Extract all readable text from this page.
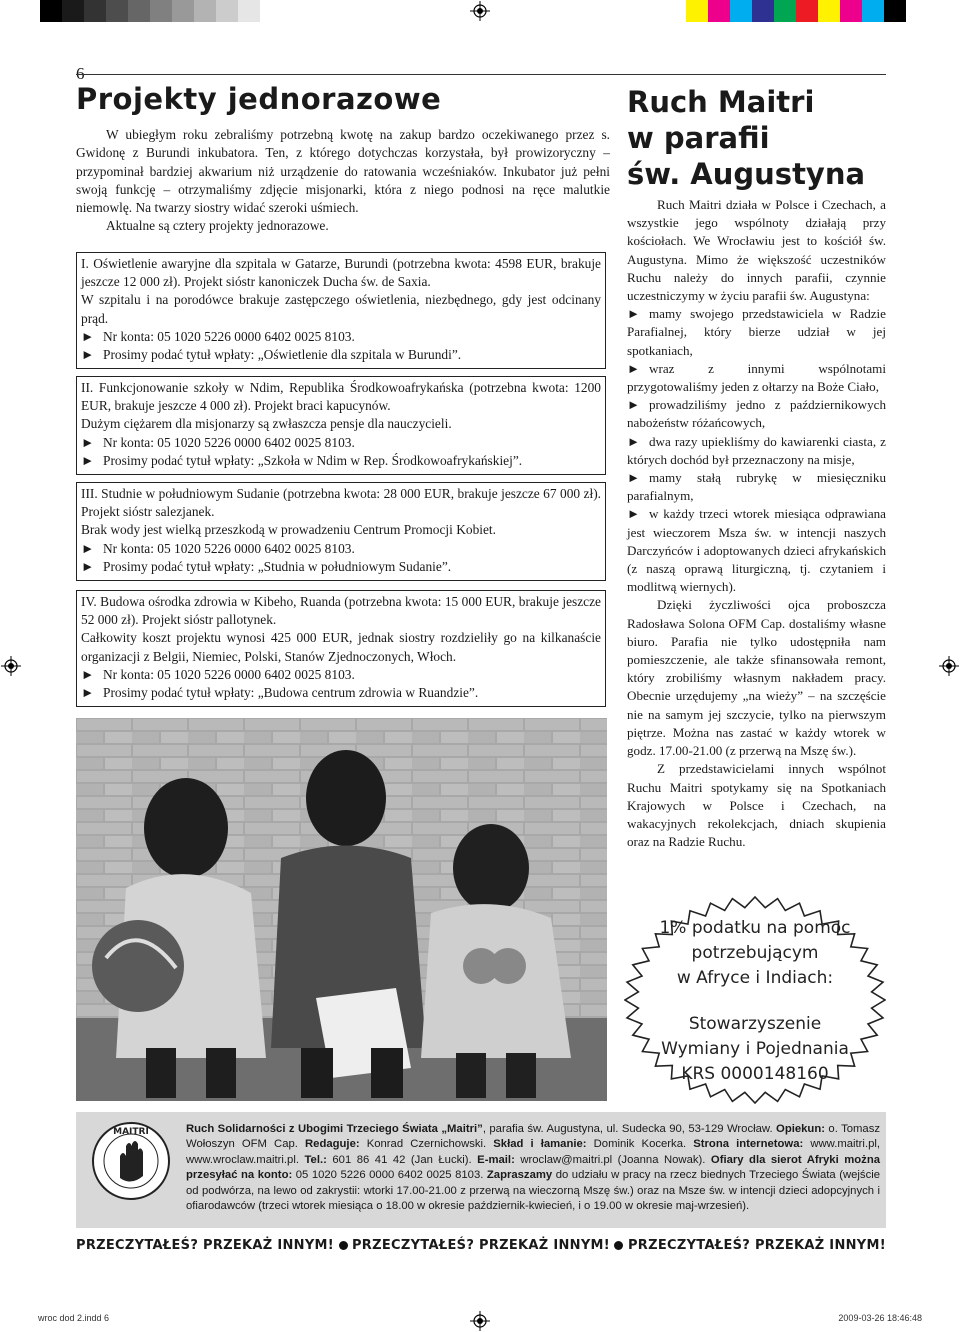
Projekty jednorazowe

W ubiegłym roku zebraliśmy potrzebną kwotę na zakup bardzo oczekiwanego przez s. Gwidonę z Burundi inkubatora. Ten, z którego dotychczas korzystała, był prowizoryczny – przypominał bardziej akwarium niż urządzenie do ratowania wcześniaków. Inkubator już pełni swoją funkcję – otrzymaliśmy zdjęcie misjonarki, która z niego podnosi na ręce malutkie niemowlę. Na twarzy siostry widać szeroki uśmiech.

Aktualne są cztery projekty jednorazowe.

I. Oświetlenie awaryjne dla szpitala w Gatarze, Burundi (potrzebna kwota: 4598 EUR, brakuje jeszcze 12 000 zł). Projekt sióstr kanoniczek Ducha św. de Saxia.

W szpitalu i na porodówce brakuje zastępczego oświetlenia, niezbędnego, gdy jest odcinany prąd.

► Nr konta: 05 1020 5226 0000 6402 0025 8103.

► Prosimy podać tytuł wpłaty: „Oświetlenie dla szpitala w Burundi”.

II. Funkcjonowanie szkoły w Ndim, Republika Środkowoafrykańska (potrzebna kwota: 1200 EUR, brakuje jeszcze 4 000 zł). Projekt braci kapucynów.

Dużym ciężarem dla misjonarzy są zwłaszcza pensje dla nauczycieli.

► Nr konta: 05 1020 5226 0000 6402 0025 8103.

► Prosimy podać tytuł wpłaty: „Szkoła w Ndim w Rep. Środkowoafrykańskiej”.

III. Studnie w południowym Sudanie (potrzebna kwota: 28 000 EUR, brakuje jeszcze 67 000 zł). Projekt sióstr salezjanek.

Brak wody jest wielką przeszkodą w prowadzeniu Centrum Promocji Kobiet.

► Nr konta: 05 1020 5226 0000 6402 0025 8103.

► Prosimy podać tytuł wpłaty: „Studnia w południowym Sudanie”.

IV. Budowa ośrodka zdrowia w Kibeho, Ruanda (potrzebna kwota: 15 000 EUR, brakuje jeszcze 52 000 zł). Projekt sióstr pallotynek.

Całkowity koszt projektu wynosi 425 000 EUR, jednak siostry rozdzieliły go na kilkanaście organizacji z Belgii, Niemiec, Polski, Stanów Zjednoczonych, Włoch.

► Nr konta: 05 1020 5226 0000 6402 0025 8103.

► Prosimy podać tytuł wpłaty: „Budowa centrum zdrowia w Ruandzie”.

Ruch Maitri
w parafii
św. Augustyna

Ruch Maitri działa w Polsce i Czechach, a wszystkie jego wspólnoty działają przy kościołach. We Wrocławiu jest to kościół św. Augustyna. Mimo że większość uczestników Ruchu należy do innych parafii, czynnie uczestniczymy w życiu parafii św. Augustyna:

► mamy swojego przedstawiciela w Radzie Parafialnej, który bierze udział w jej spotkaniach,

► wraz z innymi wspólnotami przygotowaliśmy jeden z ołtarzy na Boże Ciało,

► prowadziliśmy jedno z październikowych nabożeństw różańcowych,

► dwa razy upiekliśmy do kawiarenki ciasta, z których dochód był przeznaczony na misje,

► mamy stałą rubrykę w miesięczniku parafialnym,

► w każdy trzeci wtorek miesiąca odprawiana jest wieczorem Msza św. w intencji naszych Darczyńców i adoptowanych dzieci afrykańskich (z naszą oprawą liturgiczną, tj. czytaniem i modlitwą wiernych).

Dzięki życzliwości ojca proboszcza Radosława Solona OFM Cap. dostaliśmy własne biuro. Parafia nie tylko udostępniła nam pomieszczenie, ale także sfinansowała remont, który zrobiliśmy własnym nakładem pracy. Obecnie urzędujemy „na wieży” – na szczęście nie na samym jej szczycie, tylko na pierwszym piętrze. Można nas zastać w każdy wtorek w godz. 17.00-21.00 (z przerwą na Mszę św.).

Z przedstawicielami innych wspólnot Ruchu Maitri spotykamy się na Spotkaniach Krajowych w Polsce i Czechach, na wakacyjnych rekolekcjach, dniach skupienia oraz na Radzie Ruchu.

1% podatku na pomoc
potrzebującym
w Afryce i Indiach:
Stowarzyszenie
Wymiany i Pojednania
KRS 0000148160
MAITRI	Ruch Solidarności z Ubogimi Trzeciego Świata „Maitri”, parafia św. Augustyna, ul. Sudecka 90, 53-129 Wrocław. Opiekun: o. Tomasz Wołoszyn OFM Cap. Redaguje: Konrad Czernichowski. Skład i łamanie: Dominik Kocerka. Strona internetowa: www.maitri.pl, www.wroclaw.maitri.pl. Tel.: 601 86 41 42 (Jan Łucki). E-mail: wroclaw@maitri.pl (Joanna Nowak). Ofiary dla sierot Afryki można przesyłać na konto: 05 1020 5226 0000 6402 0025 8103. Zapraszamy do udziału w pracy na rzecz biednych Trzeciego Świata (wejście od podwórza, na lewo od zakrystii: wtorki 17.00-21.00 z przerwą na wieczorną Mszę św.) oraz na Msze św. w intencji dzieci adopcyjnych i ofiarodawców (trzeci wtorek miesiąca o 18.00 w okresie październik-kwiecień, i o 19.00 w okresie maj-wrzesień).
PRZECZYTAŁEŚ? PRZEKAŻ INNYM! PRZECZYTAŁEŚ? PRZEKAŻ INNYM! PRZECZYTAŁEŚ? PRZEKAŻ INNYM!
wroc dod 2.indd 6	2009-03-26 18:46:48
